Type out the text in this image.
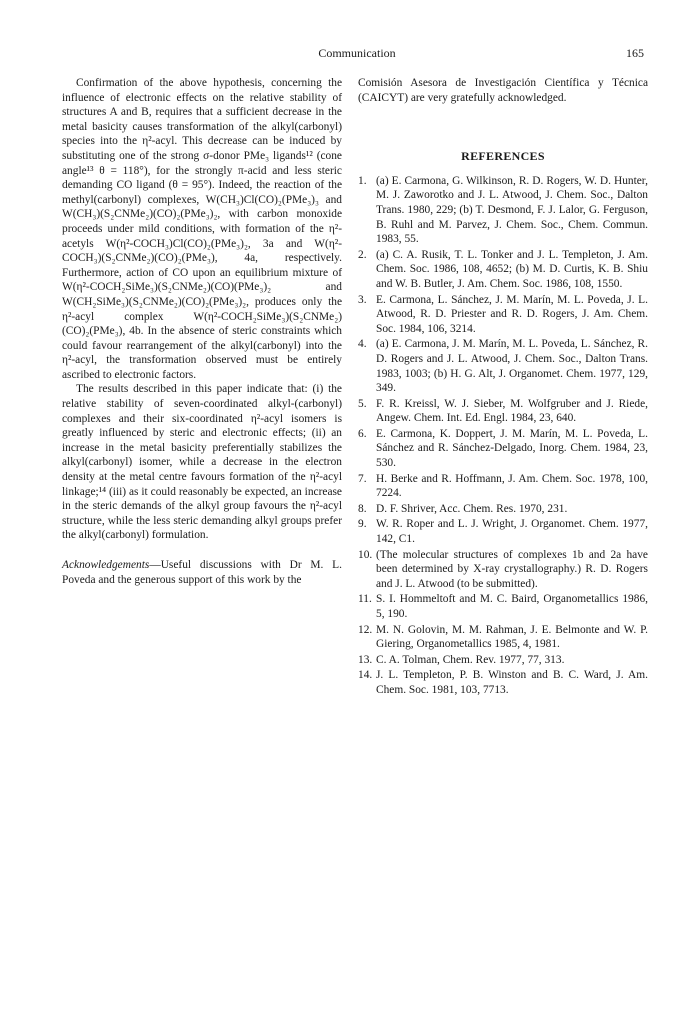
Communication	165

Confirmation of the above hypothesis, concerning the influence of electronic effects on the relative stability of structures A and B, requires that a sufficient decrease in the metal basicity causes transformation of the alkyl(carbonyl) species into the η²-acyl. This decrease can be induced by substituting one of the strong σ-donor PMe₃ ligands¹² (cone angle¹³ θ = 118°), for the strongly π-acid and less steric demanding CO ligand (θ = 95°). Indeed, the reaction of the methyl(carbonyl) complexes, W(CH₃)Cl(CO)₂(PMe₃)₃ and W(CH₃)(S₂CNMe₂)(CO)₂(PMe₃)₂, with carbon monoxide proceeds under mild conditions, with formation of the η²-acetyls W(η²-COCH₃)Cl(CO)₂(PMe₃)₂, 3a and W(η²-COCH₃)(S₂CNMe₂)(CO)₂(PMe₃), 4a, respectively. Furthermore, action of CO upon an equilibrium mixture of W(η²-COCH₂SiMe₃)(S₂CNMe₂)(CO)(PMe₃)₂ and W(CH₂SiMe₃)(S₂CNMe₂)(CO)₂(PMe₃)₂, produces only the η²-acyl complex W(η²-COCH₂SiMe₃)(S₂CNMe₂)(CO)₂(PMe₃), 4b. In the absence of steric constraints which could favour rearrangement of the alkyl(carbonyl) into the η²-acyl, the transformation observed must be entirely ascribed to electronic factors.

The results described in this paper indicate that: (i) the relative stability of seven-coordinated alkyl-(carbonyl) complexes and their six-coordinated η²-acyl isomers is greatly influenced by steric and electronic effects; (ii) an increase in the metal basicity preferentially stabilizes the alkyl(carbonyl) isomer, while a decrease in the electron density at the metal centre favours formation of the η²-acyl linkage;¹⁴ (iii) as it could reasonably be expected, an increase in the steric demands of the alkyl group favours the η²-acyl structure, while the less steric demanding alkyl groups prefer the alkyl(carbonyl) formulation.

Acknowledgements—Useful discussions with Dr M. L. Poveda and the generous support of this work by the

Comisión Asesora de Investigación Científica y Técnica (CAICYT) are very gratefully acknowledged.

REFERENCES
1. (a) E. Carmona, G. Wilkinson, R. D. Rogers, W. D. Hunter, M. J. Zaworotko and J. L. Atwood, J. Chem. Soc., Dalton Trans. 1980, 229; (b) T. Desmond, F. J. Lalor, G. Ferguson, B. Ruhl and M. Parvez, J. Chem. Soc., Chem. Commun. 1983, 55.
2. (a) C. A. Rusik, T. L. Tonker and J. L. Templeton, J. Am. Chem. Soc. 1986, 108, 4652; (b) M. D. Curtis, K. B. Shiu and W. B. Butler, J. Am. Chem. Soc. 1986, 108, 1550.
3. E. Carmona, L. Sánchez, J. M. Marín, M. L. Poveda, J. L. Atwood, R. D. Priester and R. D. Rogers, J. Am. Chem. Soc. 1984, 106, 3214.
4. (a) E. Carmona, J. M. Marín, M. L. Poveda, L. Sánchez, R. D. Rogers and J. L. Atwood, J. Chem. Soc., Dalton Trans. 1983, 1003; (b) H. G. Alt, J. Organomet. Chem. 1977, 129, 349.
5. F. R. Kreissl, W. J. Sieber, M. Wolfgruber and J. Riede, Angew. Chem. Int. Ed. Engl. 1984, 23, 640.
6. E. Carmona, K. Doppert, J. M. Marín, M. L. Poveda, L. Sánchez and R. Sánchez-Delgado, Inorg. Chem. 1984, 23, 530.
7. H. Berke and R. Hoffmann, J. Am. Chem. Soc. 1978, 100, 7224.
8. D. F. Shriver, Acc. Chem. Res. 1970, 231.
9. W. R. Roper and L. J. Wright, J. Organomet. Chem. 1977, 142, C1.
10. (The molecular structures of complexes 1b and 2a have been determined by X-ray crystallography.) R. D. Rogers and J. L. Atwood (to be submitted).
11. S. I. Hommeltoft and M. C. Baird, Organometallics 1986, 5, 190.
12. M. N. Golovin, M. M. Rahman, J. E. Belmonte and W. P. Giering, Organometallics 1985, 4, 1981.
13. C. A. Tolman, Chem. Rev. 1977, 77, 313.
14. J. L. Templeton, P. B. Winston and B. C. Ward, J. Am. Chem. Soc. 1981, 103, 7713.
